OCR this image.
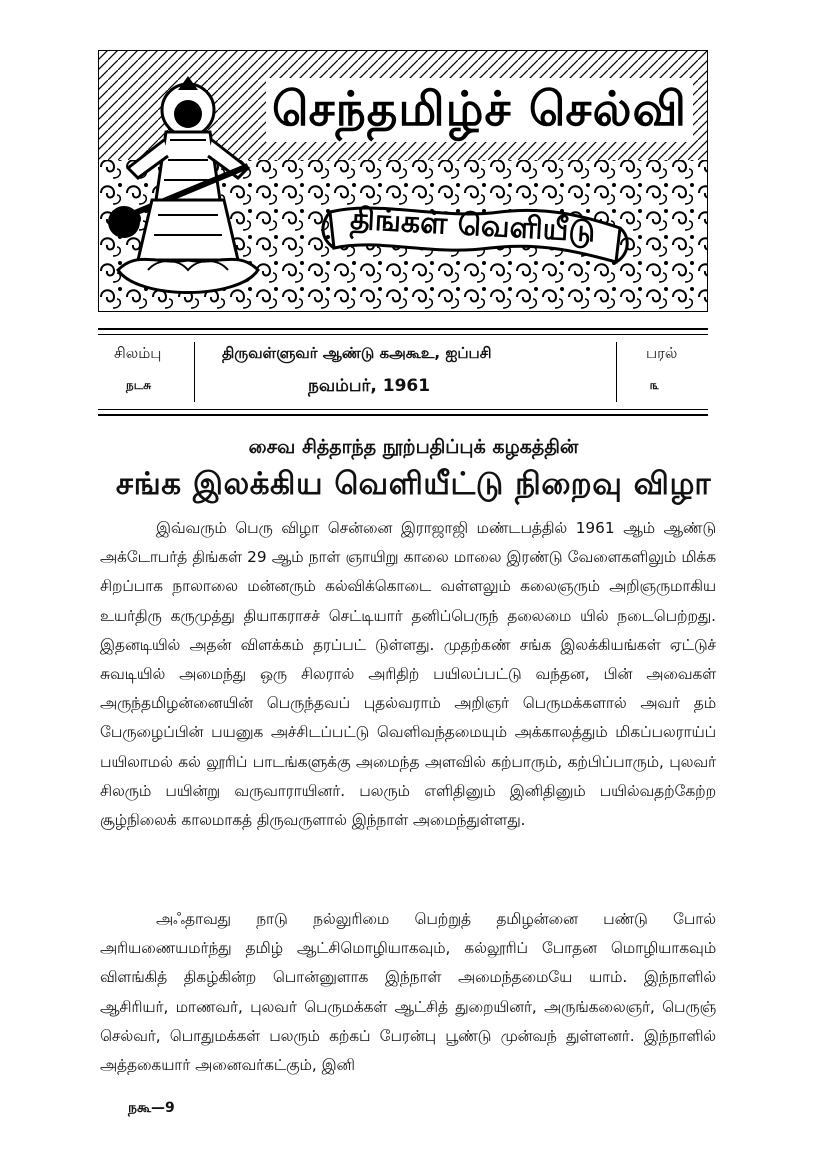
செந்தமிழ்ச் செல்வி
திங்கள் வெளியீடு
சிலம்பு
நடசு
திருவள்ளுவர் ஆண்டு கஅகூஉ, ஐப்பசி
நவம்பர், 1961
பரல்
௩
சைவ சித்தாந்த நூற்பதிப்புக் கழகத்தின்
சங்க இலக்கிய வெளியீட்டு நிறைவு விழா

இவ்வரும் பெரு விழா சென்னை இராஜாஜி மண்டபத்தில் 1961 ஆம் ஆண்டு அக்டோபர்த் திங்கள் 29 ஆம் நாள் ஞாயிறு காலை மாலை இரண்டு வேளைகளிலும் மிக்க சிறப்பாக நாலாலை மன்னரும் கல்விக்கொடை வள்ளலும் கலைஞரும் அறிஞருமாகிய உயர்திரு கருமுத்து தியாகராசச் செட்டியார் தனிப்பெருந் தலைமை யில் நடைபெற்றது. இதனடியில் அதன் விளக்கம் தரப்பட் டுள்ளது. முதற்கண் சங்க இலக்கியங்கள் ஏட்டுச் சுவடியில் அமைந்து ஒரு சிலரால் அரிதிற் பயிலப்பட்டு வந்தன, பின் அவைகள் அருந்தமிழன்னையின் பெருந்தவப் புதல்வராம் அறிஞர் பெருமக்களால் அவர் தம் பேருழைப்பின் பயனுக அச்சிடப்பட்டு வெளிவந்தமையும் அக்காலத்தும் மிகப்பலராய்ப் பயிலாமல் கல் லூரிப் பாடங்களுக்கு அமைந்த அளவில் கற்பாரும், கற்பிப்பாரும், புலவர் சிலரும் பயின்று வருவாராயினர். பலரும் எளிதினும் இனிதினும் பயில்வதற்கேற்ற சூழ்நிலைக் காலமாகத் திருவருளால் இந்நாள் அமைந்துள்ளது.

அஃதாவது நாடு நல்லுரிமை பெற்றுத் தமிழன்னை பண்டு போல் அரியணையமர்ந்து தமிழ் ஆட்சிமொழியாகவும், கல்லூரிப் போதன மொழியாகவும் விளங்கித் திகழ்கின்ற பொன்னுளாக இந்நாள் அமைந்தமையே யாம். இந்நாளில் ஆசிரியர், மாணவர், புலவர் பெருமக்கள் ஆட்சித் துறையினர், அருங்கலைஞர், பெருஞ் செல்வர், பொதுமக்கள் பலரும் கற்கப் பேரன்பு பூண்டு முன்வந் துள்ளனர். இந்நாளில் அத்தகையார் அனைவர்கட்கும், இனி

நகூ—9
